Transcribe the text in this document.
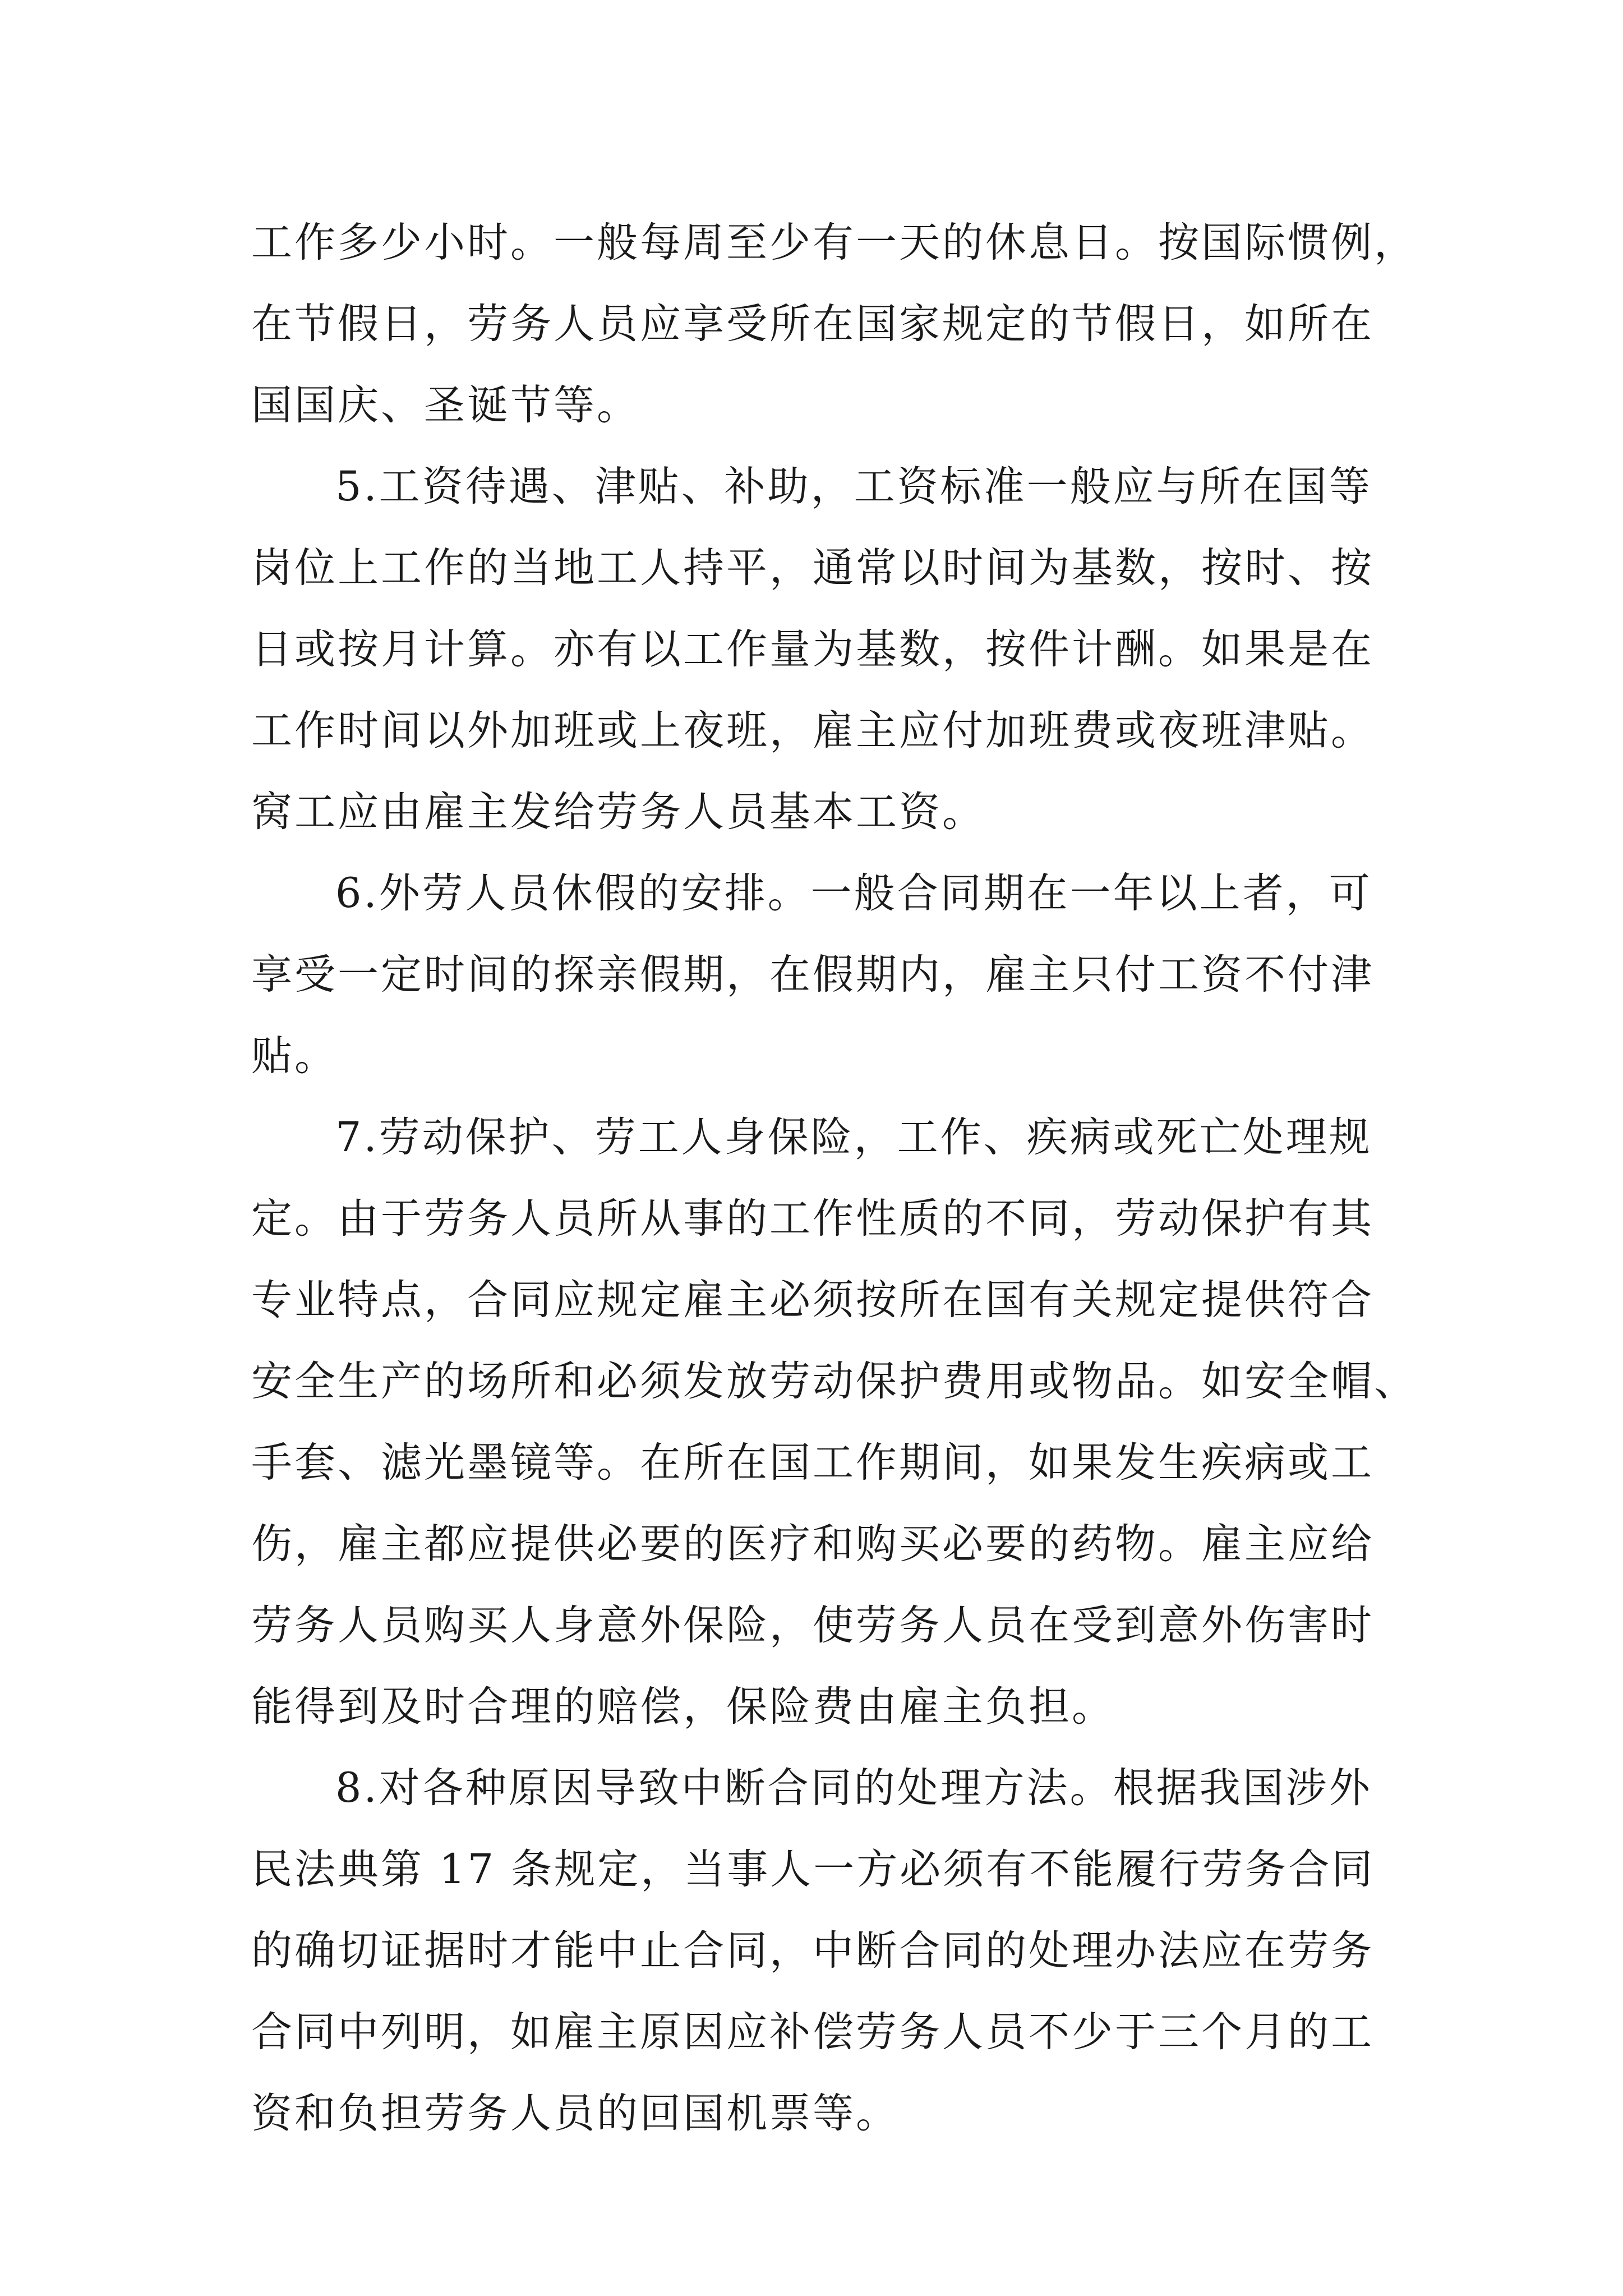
工作多少小时。一般每周至少有一天的休息日。按国际惯例，
在节假日，劳务人员应享受所在国家规定的节假日，如所在
国国庆、圣诞节等。

5.工资待遇、津贴、补助，工资标准一般应与所在国等
岗位上工作的当地工人持平，通常以时间为基数，按时、按
日或按月计算。亦有以工作量为基数，按件计酬。如果是在
工作时间以外加班或上夜班，雇主应付加班费或夜班津贴。
窝工应由雇主发给劳务人员基本工资。

6.外劳人员休假的安排。一般合同期在一年以上者，可
享受一定时间的探亲假期，在假期内，雇主只付工资不付津
贴。

7.劳动保护、劳工人身保险，工作、疾病或死亡处理规
定。由于劳务人员所从事的工作性质的不同，劳动保护有其
专业特点，合同应规定雇主必须按所在国有关规定提供符合
安全生产的场所和必须发放劳动保护费用或物品。如安全帽、
手套、滤光墨镜等。在所在国工作期间，如果发生疾病或工
伤，雇主都应提供必要的医疗和购买必要的药物。雇主应给
劳务人员购买人身意外保险，使劳务人员在受到意外伤害时
能得到及时合理的赔偿，保险费由雇主负担。

8.对各种原因导致中断合同的处理方法。根据我国涉外
民法典第 17 条规定，当事人一方必须有不能履行劳务合同
的确切证据时才能中止合同，中断合同的处理办法应在劳务
合同中列明，如雇主原因应补偿劳务人员不少于三个月的工
资和负担劳务人员的回国机票等。
